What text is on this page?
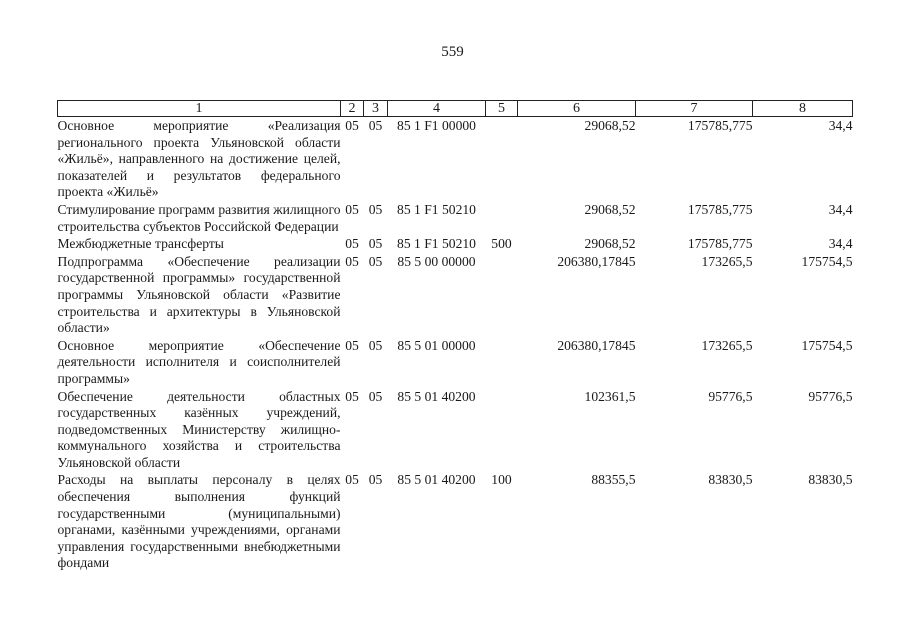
559
1	2	3	4	5	6	7	8
Основное мероприятие «Реализация регионального проекта Ульяновской области «Жильё», направленного на достижение целей, показателей и результатов федерального проекта «Жильё»	05	05	85 1 F1 00000		29068,52	175785,775	34,4
Стимулирование программ развития жилищного строительства субъектов Российской Федерации	05	05	85 1 F1 50210		29068,52	175785,775	34,4
Межбюджетные трансферты	05	05	85 1 F1 50210	500	29068,52	175785,775	34,4
Подпрограмма «Обеспечение реализации государственной программы» государственной программы Ульяновской области «Развитие строительства и архитектуры в Ульяновской области»	05	05	85 5 00 00000		206380,17845	173265,5	175754,5
Основное мероприятие «Обеспечение деятельности исполнителя и соисполнителей программы»	05	05	85 5 01 00000		206380,17845	173265,5	175754,5
Обеспечение деятельности областных государственных казённых учреждений, подведомственных Министерству жилищно-коммунального хозяйства и строительства Ульяновской области	05	05	85 5 01 40200		102361,5	95776,5	95776,5
Расходы на выплаты персоналу в целях обеспечения выполнения функций государственными (муниципальными) органами, казёнными учреждениями, органами управления государственными внебюджетными фондами	05	05	85 5 01 40200	100	88355,5	83830,5	83830,5
